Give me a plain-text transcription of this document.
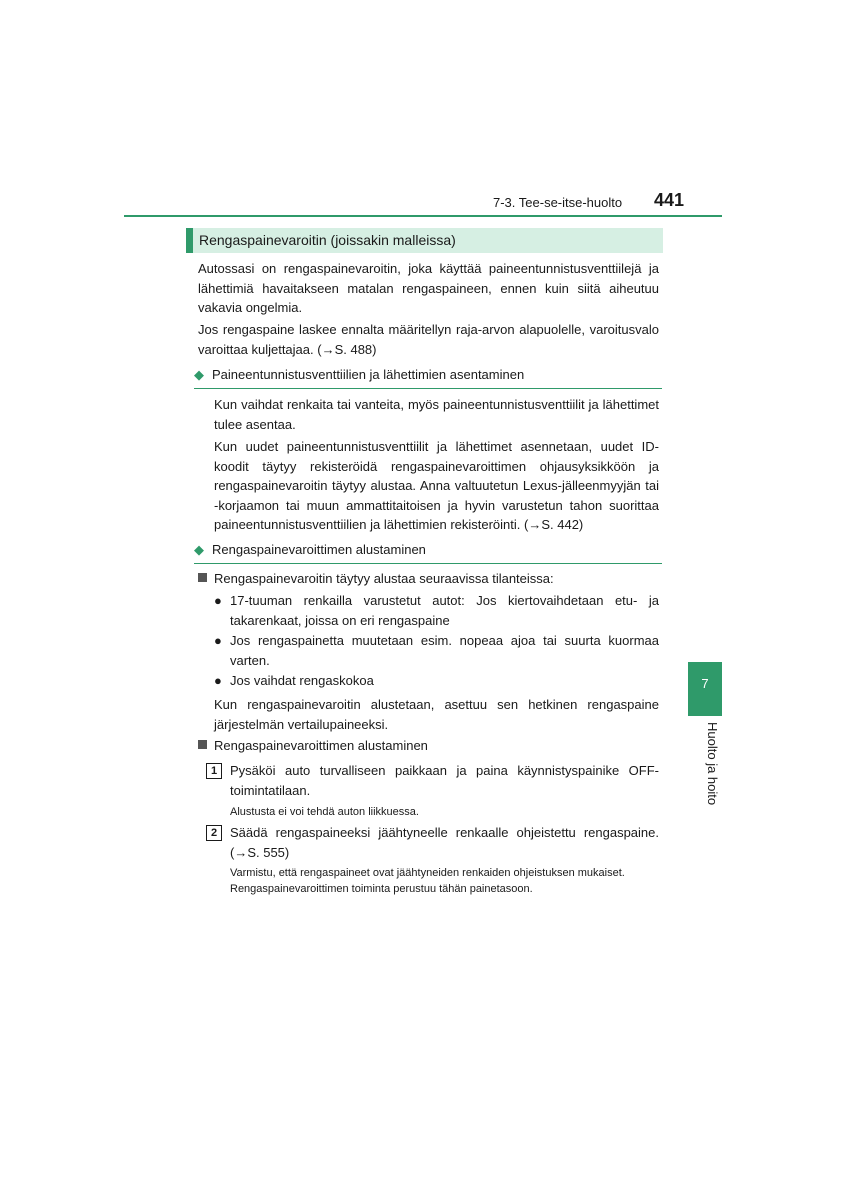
7-3. Tee-se-itse-huolto 441
7
Huolto ja hoito
Rengaspainevaroitin (joissakin malleissa)
Autossasi on rengaspainevaroitin, joka käyttää paineentunnistusventtiilejä ja lähettimiä havaitakseen matalan rengaspaineen, ennen kuin siitä aiheutuu vakavia ongelmia.
Jos rengaspaine laskee ennalta määritellyn raja-arvon alapuolelle, varoitusvalo varoittaa kuljettajaa. (→S. 488)
◆ Paineentunnistusventtiilien ja lähettimien asentaminen
Kun vaihdat renkaita tai vanteita, myös paineentunnistusventtiilit ja lähettimet tulee asentaa.
Kun uudet paineentunnistusventtiilit ja lähettimet asennetaan, uudet ID-koodit täytyy rekisteröidä rengaspainevaroittimen ohjausyksikköön ja rengaspainevaroitin täytyy alustaa. Anna valtuutetun Lexus-jälleenmyyjän tai -korjaamon tai muun ammattitaitoisen ja hyvin varustetun tahon suorittaa paineentunnistusventtiilien ja lähettimien rekisteröinti. (→S. 442)
◆ Rengaspainevaroittimen alustaminen
Rengaspainevaroitin täytyy alustaa seuraavissa tilanteissa:
● 17-tuuman renkailla varustetut autot: Jos kiertovaihdetaan etu- ja takarenkaat, joissa on eri rengaspaine
● Jos rengaspainetta muutetaan esim. nopeaa ajoa tai suurta kuormaa varten.
● Jos vaihdat rengaskokoa
Kun rengaspainevaroitin alustetaan, asettuu sen hetkinen rengaspaine järjestelmän vertailupaineeksi.
Rengaspainevaroittimen alustaminen
1 Pysäköi auto turvalliseen paikkaan ja paina käynnistyspainike OFF-toimintatilaan.
Alustusta ei voi tehdä auton liikkuessa.
2 Säädä rengaspaineeksi jäähtyneelle renkaalle ohjeistettu rengaspaine. (→S. 555)
Varmistu, että rengaspaineet ovat jäähtyneiden renkaiden ohjeistuksen mukaiset. Rengaspainevaroittimen toiminta perustuu tähän painetasoon.
